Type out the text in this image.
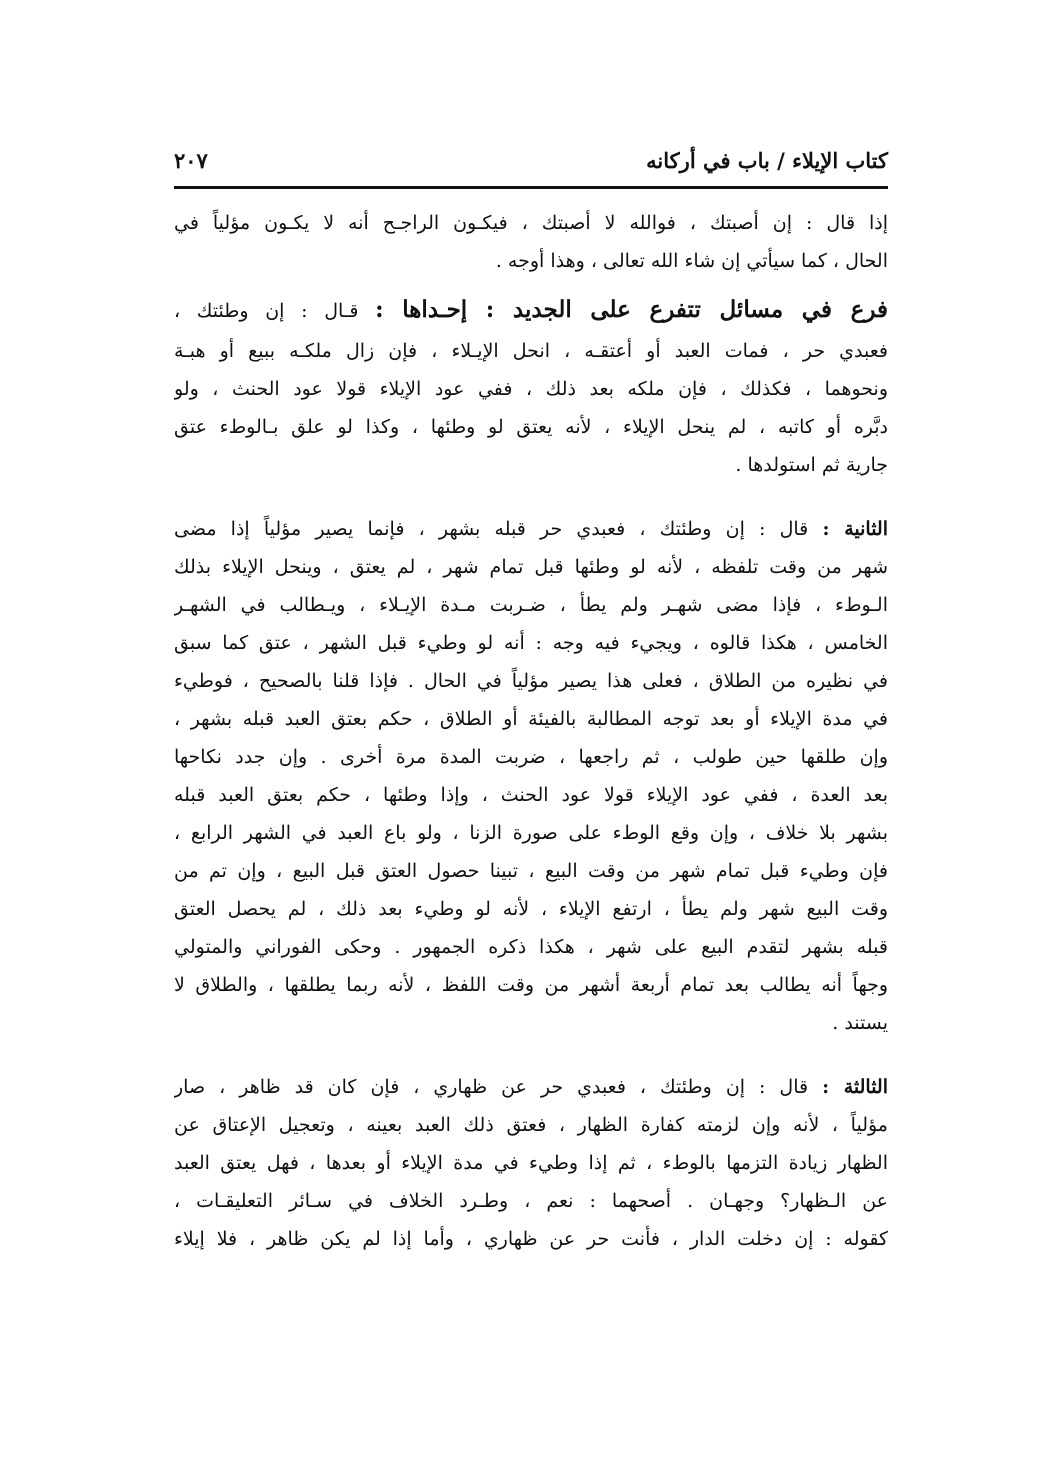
كتاب الإيلاء / باب في أركانه
٢٠٧
إذا قال : إن أصبتك ، فوالله لا أصبتك ، فيكـون الراجـح أنه لا يكـون مؤلياً في
الحال ، كما سيأتي إن شاء الله تعالى ، وهذا أوجه .
فرع في مسائل تتفرع على الجديد : إحـداها : قـال : إن وطئتك ،
فعبدي حر ، فمات العبد أو أعتقـه ، انحل الإيـلاء ، فإن زال ملكـه ببيع أو هبـة
ونحوهما ، فكذلك ، فإن ملكه بعد ذلك ، ففي عود الإيلاء قولا عود الحنث ، ولو
دبَّره أو كاتبه ، لم ينحل الإيلاء ، لأنه يعتق لو وطئها ، وكذا لو علق بـالوطء عتق
جارية ثم استولدها .
الثانية : قال : إن وطئتك ، فعبدي حر قبله بشهر ، فإنما يصير مؤلياً إذا مضى
شهر من وقت تلفظه ، لأنه لو وطئها قبل تمام شهر ، لم يعتق ، وينحل الإيلاء بذلك
الـوطء ، فإذا مضى شهـر ولم يطأ ، ضـربت مـدة الإيـلاء ، ويـطالب في الشهـر
الخامس ، هكذا قالوه ، ويجيء فيه وجه : أنه لو وطيء قبل الشهر ، عتق كما سبق
في نظيره من الطلاق ، فعلى هذا يصير مؤلياً في الحال . فإذا قلنا بالصحيح ، فوطيء
في مدة الإيلاء أو بعد توجه المطالبة بالفيئة أو الطلاق ، حكم بعتق العبد قبله بشهر ،
وإن طلقها حين طولب ، ثم راجعها ، ضربت المدة مرة أخرى . وإن جدد نكاحها
بعد العدة ، ففي عود الإيلاء قولا عود الحنث ، وإذا وطئها ، حكم بعتق العبد قبله
بشهر بلا خلاف ، وإن وقع الوطء على صورة الزنا ، ولو باع العبد في الشهر الرابع ،
فإن وطيء قبل تمام شهر من وقت البيع ، تبينا حصول العتق قبل البيع ، وإن تم من
وقت البيع شهر ولم يطأ ، ارتفع الإيلاء ، لأنه لو وطيء بعد ذلك ، لم يحصل العتق
قبله بشهر لتقدم البيع على شهر ، هكذا ذكره الجمهور . وحكى الفوراني والمتولي
وجهاً أنه يطالب بعد تمام أربعة أشهر من وقت اللفظ ، لأنه ربما يطلقها ، والطلاق لا
يستند .
الثالثة : قال : إن وطئتك ، فعبدي حر عن ظهاري ، فإن كان قد ظاهر ، صار
مؤلياً ، لأنه وإن لزمته كفارة الظهار ، فعتق ذلك العبد بعينه ، وتعجيل الإعتاق عن
الظهار زيادة التزمها بالوطء ، ثم إذا وطيء في مدة الإيلاء أو بعدها ، فهل يعتق العبد
عن الـظهار؟ وجهـان . أصحهما : نعم ، وطـرد الخلاف في سـائر التعليقـات ،
كقوله : إن دخلت الدار ، فأنت حر عن ظهاري ، وأما إذا لم يكن ظاهر ، فلا إيلاء
